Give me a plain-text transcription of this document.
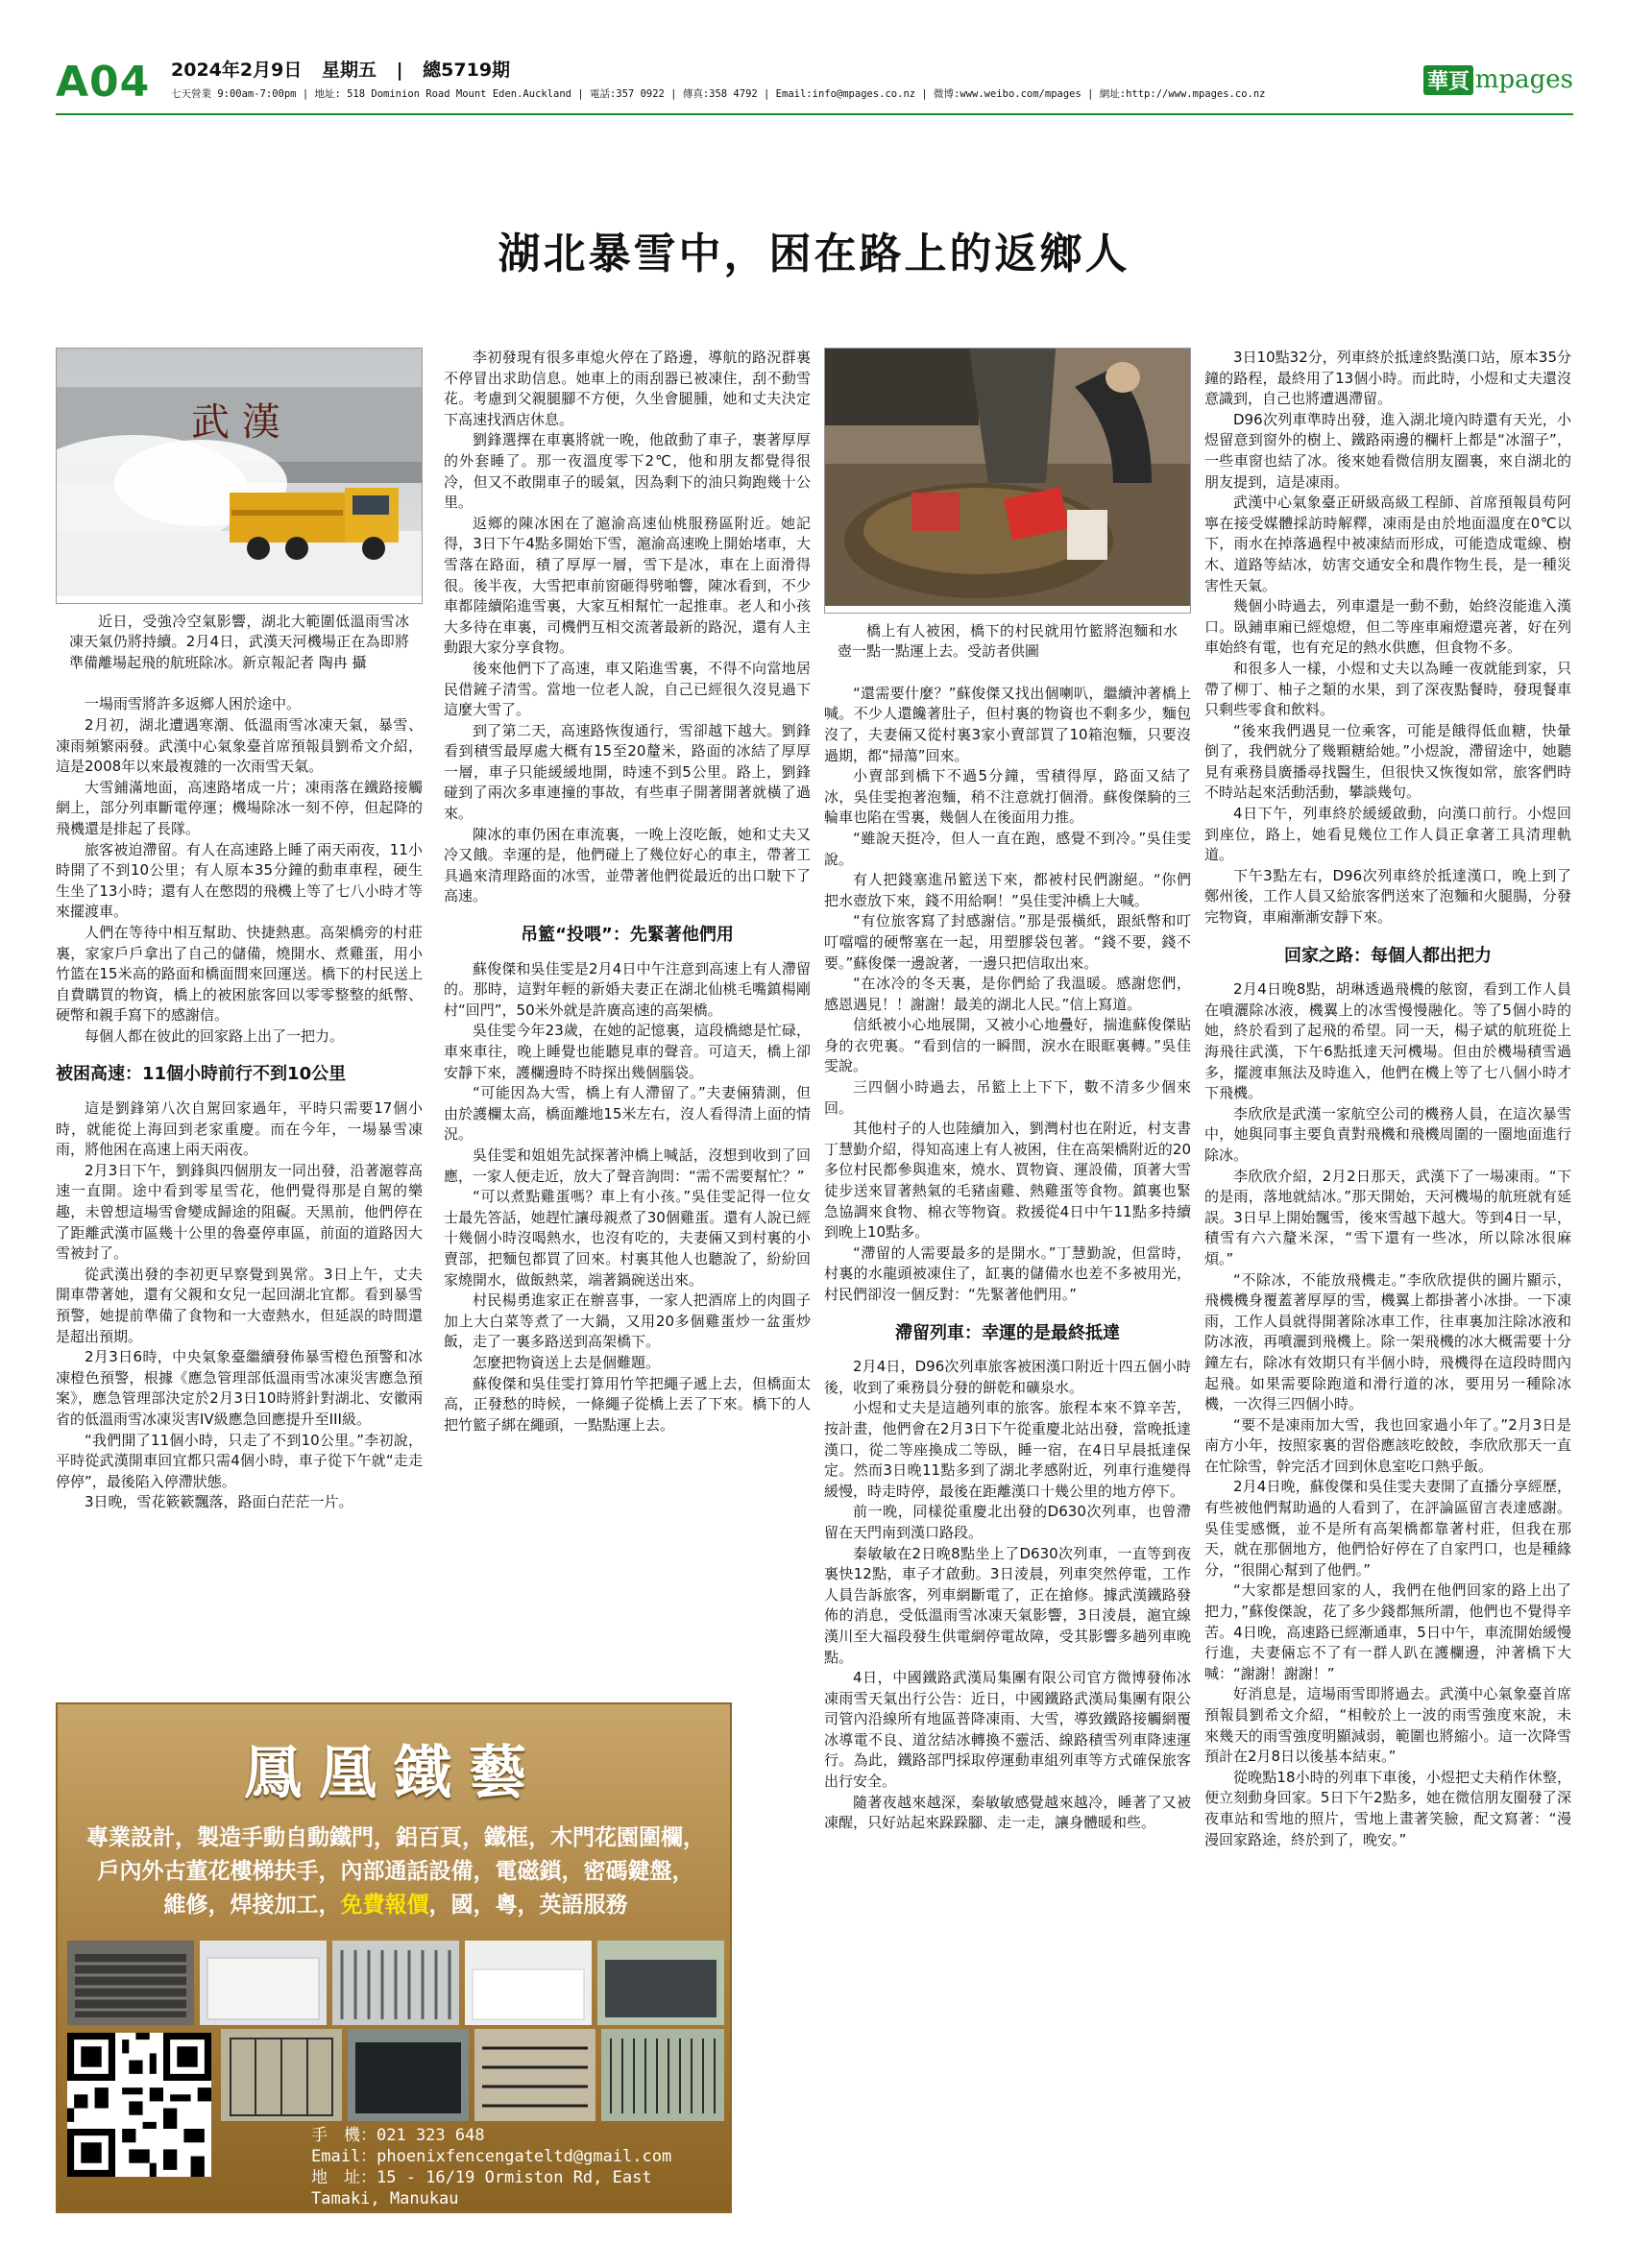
A04 2024年2月9日 星期五 | 總5719期
七天營業 9:00am-7:00pm | 地址: 518 Dominion Road Mount Eden.Auckland | 電話:357 0922 | 傳真:358 4792 | Email:info@mpages.co.nz | 微博:www.weibo.com/mpages | 網址:http://www.mpages.co.nz
華頁 mpages
湖北暴雪中，困在路上的返鄉人
武 漢
近日，受強冷空氣影響，湖北大範圍低溫雨雪冰凍天氣仍將持續。2月4日，武漢天河機場正在為即將準備離場起飛的航班除冰。新京報記者 陶冉 攝

一場雨雪將許多返鄉人困於途中。

2月初，湖北遭遇寒潮、低溫雨雪冰凍天氣，暴雪、凍雨頻繁兩發。武漢中心氣象臺首席預報員劉希文介紹，這是2008年以來最複雜的一次雨雪天氣。

大雪鋪滿地面，高速路堵成一片；凍雨落在鐵路接觸網上，部分列車斷電停運；機場除冰一刻不停，但起降的飛機還是排起了長隊。

旅客被迫滯留。有人在高速路上睡了兩天兩夜，11小時開了不到10公里；有人原本35分鐘的動車車程，硬生生坐了13小時；還有人在憋悶的飛機上等了七八小時才等來擺渡車。

人們在等待中相互幫助、快捷熱惠。高架橋旁的村莊裏，家家戶戶拿出了自己的儲備，燒開水、煮雞蛋，用小竹篮在15米高的路面和橋面間來回運送。橋下的村民送上自費購買的物資，橋上的被困旅客回以零零整整的紙幣、硬幣和親手寫下的感謝信。

每個人都在彼此的回家路上出了一把力。

被困高速：11個小時前行不到10公里

這是劉鋒第八次自駕回家過年，平時只需要17個小時，就能從上海回到老家重慶。而在今年，一場暴雪凍雨，將他困在高速上兩天兩夜。

2月3日下午，劉鋒與四個朋友一同出發，沿著滬蓉高速一直開。途中看到零星雪花，他們覺得那是自駕的樂趣，未曾想這場雪會變成歸途的阻礙。天黑前，他們停在了距離武漢市區幾十公里的魯臺停車區，前面的道路因大雪被封了。

從武漢出發的李初更早察覺到異常。3日上午，丈夫開車帶著她，還有父親和女兒一起回湖北宜都。看到暴雪預警，她提前準備了食物和一大壺熱水，但延誤的時間還是超出預期。

2月3日6時，中央氣象臺繼續發佈暴雪橙色預警和冰凍橙色預警，根據《應急管理部低溫雨雪冰凍災害應急預案》，應急管理部決定於2月3日10時將針對湖北、安徽兩省的低溫雨雪冰凍災害IV級應急回應提升至III級。

“我們開了11個小時，只走了不到10公里。”李初說，平時從武漢開車回宜都只需4個小時，車子從下午就“走走停停”，最後陷入停滯狀態。

3日晚，雪花簌簌飄落，路面白茫茫一片。

李初發現有很多車熄火停在了路邊，導航的路況群裏不停冒出求助信息。她車上的雨刮器已被凍住，刮不動雪花。考慮到父親腿腳不方便，久坐會腿腫，她和丈夫決定下高速找酒店休息。

劉鋒選擇在車裏將就一晚，他啟動了車子，裹著厚厚的外套睡了。那一夜溫度零下2℃，他和朋友都覺得很冷，但又不敢開車子的暖氣，因為剩下的油只夠跑幾十公里。

返鄉的陳冰困在了滬渝高速仙桃服務區附近。她記得，3日下午4點多開始下雪，滬渝高速晚上開始堵車，大雪落在路面，積了厚厚一層，雪下是冰，車在上面滑得很。後半夜，大雪把車前窗砸得劈啪響，陳冰看到，不少車都陸續陷進雪裏，大家互相幫忙一起推車。老人和小孩大多待在車裏，司機們互相交流著最新的路況，還有人主動跟大家分享食物。

後來他們下了高速，車又陷進雪裏，不得不向當地居民借鏟子清雪。當地一位老人說，自己已經很久沒見過下這麼大雪了。

到了第二天，高速路恢復通行，雪卻越下越大。劉鋒看到積雪最厚處大概有15至20釐米，路面的冰結了厚厚一層，車子只能緩緩地開，時速不到5公里。路上，劉鋒碰到了兩次多車連撞的事故，有些車子開著開著就橫了過來。

陳冰的車仍困在車流裏，一晚上沒吃飯，她和丈夫又冷又餓。幸運的是，他們碰上了幾位好心的車主，帶著工具過來清理路面的冰雪，並帶著他們從最近的出口駛下了高速。

吊籃“投喂”：先緊著他們用

蘇俊傑和吳佳雯是2月4日中午注意到高速上有人滯留的。那時，這對年輕的新婚夫妻正在湖北仙桃毛嘴鎮楊剛村“回門”，50米外就是許廣高速的高架橋。

吳佳雯今年23歲，在她的記憶裏，這段橋總是忙碌，車來車往，晚上睡覺也能聽見車的聲音。可這天，橋上卻安靜下來，護欄邊時不時探出幾個腦袋。

“可能因為大雪，橋上有人滯留了。”夫妻倆猜測，但由於護欄太高，橋面離地15米左右，沒人看得清上面的情況。

吳佳雯和姐姐先試探著沖橋上喊話，沒想到收到了回應，一家人便走近，放大了聲音詢問：“需不需要幫忙？”

“可以煮點雞蛋嗎？車上有小孩。”吳佳雯記得一位女士最先答話，她趕忙讓母親煮了30個雞蛋。還有人說已經十幾個小時沒喝熱水，也沒有吃的，夫妻倆又到村裏的小賣部，把麵包都買了回來。村裏其他人也聽說了，紛紛回家燒開水，做飯熱菜，端著鍋碗送出來。

村民楊勇進家正在辦喜事，一家人把酒席上的肉圓子加上大白菜等煮了一大鍋，又用20多個雞蛋炒一盆蛋炒飯，走了一裏多路送到高架橋下。

怎麼把物資送上去是個難題。

蘇俊傑和吳佳雯打算用竹竿把繩子遞上去，但橋面太高，正發愁的時候，一條繩子從橋上丟了下來。橋下的人把竹籃子綁在繩頭，一點點運上去。

橋上有人被困，橋下的村民就用竹籃將泡麵和水壺一點一點運上去。受訪者供圖

“還需要什麼？”蘇俊傑又找出個喇叭，繼續沖著橋上喊。不少人還饞著肚子，但村裏的物資也不剩多少，麵包沒了，夫妻倆又從村裏3家小賣部買了10箱泡麵，只要沒過期，都“掃蕩”回來。

小賣部到橋下不過5分鐘，雪積得厚，路面又結了冰，吳佳雯抱著泡麵，稍不注意就打個滑。蘇俊傑騎的三輪車也陷在雪裏，幾個人在後面用力推。

“雖說天挺冷，但人一直在跑，感覺不到冷。”吳佳雯說。

有人把錢塞進吊籃送下來，都被村民們謝絕。“你們把水壺放下來，錢不用給啊！”吳佳雯沖橋上大喊。

“有位旅客寫了封感謝信。”那是張橫紙，跟紙幣和叮叮噹噹的硬幣塞在一起，用塑膠袋包著。“錢不要，錢不要。”蘇俊傑一邊說著，一邊只把信取出來。

“在冰冷的冬天裏，是你們給了我溫暖。感謝您們，感恩遇見！！謝謝！最美的湖北人民。”信上寫道。

信紙被小心地展開，又被小心地疊好，揣進蘇俊傑貼身的衣兜裏。“看到信的一瞬間，淚水在眼眶裏轉。”吳佳雯說。

三四個小時過去，吊籃上上下下，數不清多少個來回。

其他村子的人也陸續加入，劉灣村也在附近，村支書丁慧勤介紹，得知高速上有人被困，住在高架橋附近的20多位村民都參與進來，燒水、買物資、運設備，頂著大雪徒步送來冒著熱氣的毛豬鹵雞、熱雞蛋等食物。鎮裏也緊急協調來食物、棉衣等物資。救援從4日中午11點多持續到晚上10點多。

“滯留的人需要最多的是開水。”丁慧勤說，但當時，村裏的水龍頭被凍住了，缸裏的儲備水也差不多被用光，村民們卻沒一個反對：“先緊著他們用。”

滯留列車：幸運的是最終抵達

2月4日，D96次列車旅客被困漢口附近十四五個小時後，收到了乘務員分發的餅乾和礦泉水。

小煜和丈夫是這趟列車的旅客。旅程本來不算辛苦，按計畫，他們會在2月3日下午從重慶北站出發，當晚抵達漢口，從二等座換成二等臥，睡一宿，在4日早晨抵達保定。然而3日晚11點多到了湖北孝感附近，列車行進變得緩慢，時走時停，最後在距離漢口十幾公里的地方停下。

前一晚，同樣從重慶北出發的D630次列車，也曾滯留在天門南到漢口路段。

秦敏敏在2日晚8點坐上了D630次列車，一直等到夜裏快12點，車子才啟動。3日淩晨，列車突然停電，工作人員告訴旅客，列車網斷電了，正在搶修。據武漢鐵路發佈的消息，受低溫雨雪冰凍天氣影響，3日淩晨，滬宜線漢川至大福段發生供電網停電故障，受其影響多趟列車晚點。

4日，中國鐵路武漢局集團有限公司官方微博發佈冰凍雨雪天氣出行公告：近日，中國鐵路武漢局集團有限公司管內沿線所有地區普降凍雨、大雪，導致鐵路接觸網覆冰導電不良、道岔結冰轉換不靈活、線路積雪列車降速運行。為此，鐵路部門採取停運動車組列車等方式確保旅客出行安全。

隨著夜越來越深，秦敏敏感覺越來越冷，睡著了又被凍醒，只好站起來跺跺腳、走一走，讓身體暖和些。

3日10點32分，列車終於抵達終點漢口站，原本35分鐘的路程，最終用了13個小時。而此時，小煜和丈夫還沒意識到，自己也將遭遇滯留。

D96次列車準時出發，進入湖北境內時還有天光，小煜留意到窗外的樹上、鐵路兩邊的欄杆上都是“冰溜子”，一些車窗也結了冰。後來她看微信朋友圈裏，來自湖北的朋友提到，這是凍雨。

武漢中心氣象臺正研級高級工程師、首席預報員苟阿寧在接受媒體採訪時解釋，凍雨是由於地面溫度在0℃以下，雨水在掉落過程中被凍結而形成，可能造成電線、樹木、道路等結冰，妨害交通安全和農作物生長，是一種災害性天氣。

幾個小時過去，列車還是一動不動，始終沒能進入漢口。臥鋪車廂已經熄燈，但二等座車廂燈還亮著，好在列車始終有電，也有充足的熱水供應，但食物不多。

和很多人一樣，小煜和丈夫以為睡一夜就能到家，只帶了柳丁、柚子之類的水果，到了深夜點餐時，發現餐車只剩些零食和飲料。

“後來我們遇見一位乘客，可能是餓得低血糖，快暈倒了，我們就分了幾顆糖給她。”小煜說，滯留途中，她聽見有乘務員廣播尋找醫生，但很快又恢復如常，旅客們時不時站起來活動活動，攀談幾句。

4日下午，列車終於緩緩啟動，向漢口前行。小煜回到座位，路上，她看見幾位工作人員正拿著工具清理軌道。

下午3點左右，D96次列車終於抵達漢口，晚上到了鄭州後，工作人員又給旅客們送來了泡麵和火腿腸，分發完物資，車廂漸漸安靜下來。

回家之路：每個人都出把力

2月4日晚8點，胡琳透過飛機的舷窗，看到工作人員在噴灑除冰液，機翼上的冰雪慢慢融化。等了5個小時的她，終於看到了起飛的希望。同一天，楊子斌的航班從上海飛往武漢，下午6點抵達天河機場。但由於機場積雪過多，擺渡車無法及時進入，他們在機上等了七八個小時才下飛機。

李欣欣是武漢一家航空公司的機務人員，在這次暴雪中，她與同事主要負責對飛機和飛機周圍的一圈地面進行除冰。

李欣欣介紹，2月2日那天，武漢下了一場凍雨。“下的是雨，落地就結冰。”那天開始，天河機場的航班就有延誤。3日早上開始飄雪，後來雪越下越大。等到4日一早，積雪有六六釐米深，“雪下還有一些冰，所以除冰很麻煩。”

“不除冰，不能放飛機走。”李欣欣提供的圖片顯示，飛機機身覆蓋著厚厚的雪，機翼上都掛著小冰掛。一下凍雨，工作人員就得開著除冰車工作，往車裏加注除冰液和防冰液，再噴灑到飛機上。除一架飛機的冰大概需要十分鐘左右，除冰有效期只有半個小時，飛機得在這段時間內起飛。如果需要除跑道和滑行道的冰，要用另一種除冰機，一次得三四個小時。

“要不是凍雨加大雪，我也回家過小年了。”2月3日是南方小年，按照家裏的習俗應該吃餃餃，李欣欣那天一直在忙除雪，幹完活才回到休息室吃口熱乎飯。

2月4日晚，蘇俊傑和吳佳雯夫妻開了直播分享經歷，有些被他們幫助過的人看到了，在評論區留言表達感謝。吳佳雯感慨，並不是所有高架橋都靠著村莊，但我在那天，就在那個地方，他們恰好停在了自家門口，也是種緣分，“很開心幫到了他們。”

“大家都是想回家的人，我們在他們回家的路上出了把力，”蘇俊傑說，花了多少錢都無所謂，他們也不覺得辛苦。4日晚，高速路已經漸通車，5日中午，車流開始緩慢行進，夫妻倆忘不了有一群人趴在護欄邊，沖著橋下大喊：“謝謝！謝謝！”

好消息是，這場雨雪即將過去。武漢中心氣象臺首席預報員劉希文介紹，“相較於上一波的雨雪強度來說，未來幾天的雨雪強度明顯減弱，範圍也將縮小。這一次降雪預計在2月8日以後基本結束。”

從晚點18小時的列車下車後，小煜把丈夫稍作休整，便立刻動身回家。5日下午2點多，她在微信朋友圈發了深夜車站和雪地的照片，雪地上畫著笑臉，配文寫著：“漫漫回家路途，終於到了，晚安。”

鳳凰鐵藝
專業設計，製造手動自動鐵門，鋁百頁，鐵框，木門花園圍欄，
戶內外古董花樓梯扶手，內部通話設備，電磁鎖，密碼鍵盤，
維修，焊接加工，免費報價，國，粵，英語服務
手　機：021 323 648
Email：phoenixfencengateltd@gmail.com
地　址：15 - 16/19 Ormiston Rd, East Tamaki, Manukau
